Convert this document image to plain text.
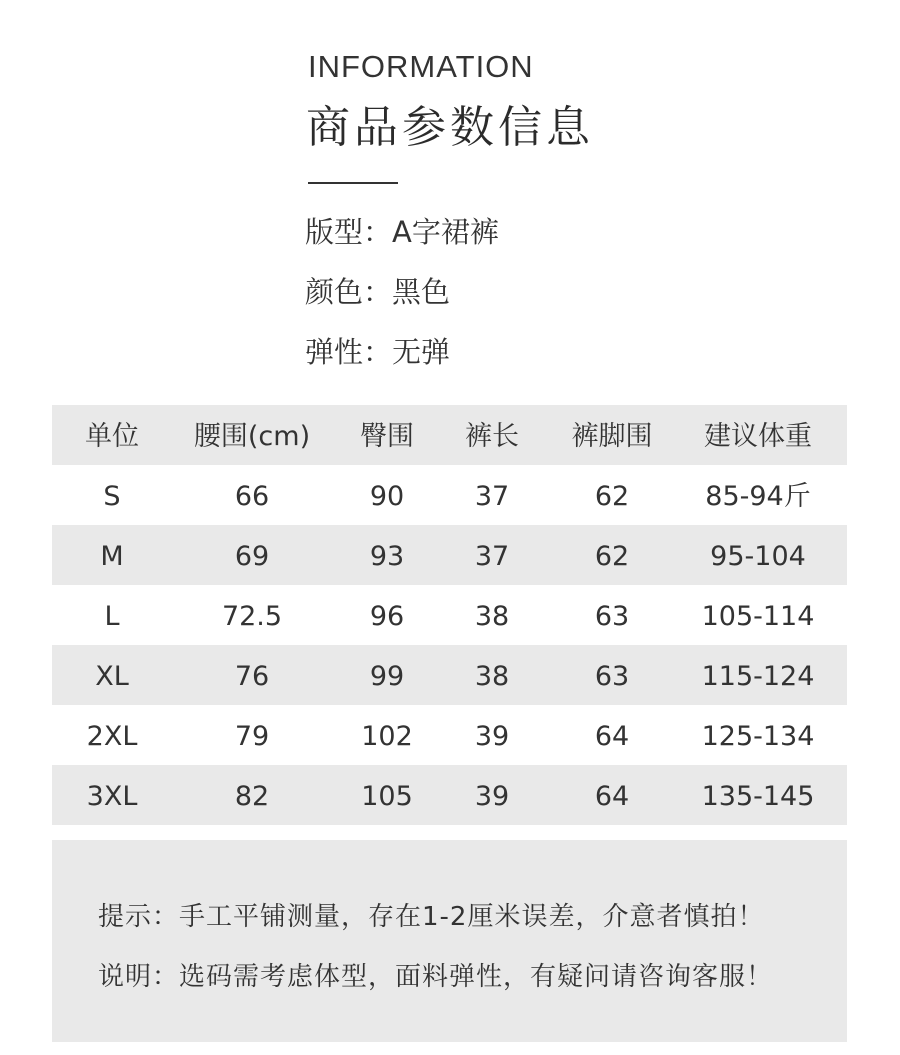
INFORMATION
商品参数信息
版型：A字裙裤
颜色：黑色
弹性：无弹
单位	腰围(cm)	臀围	裤长	裤脚围	建议体重
S	66	90	37	62	85-94斤
M	69	93	37	62	95-104
L	72.5	96	38	63	105-114
XL	76	99	38	63	115-124
2XL	79	102	39	64	125-134
3XL	82	105	39	64	135-145
提示：手工平铺测量，存在1-2厘米误差，介意者慎拍！
说明：选码需考虑体型，面料弹性，有疑问请咨询客服！
